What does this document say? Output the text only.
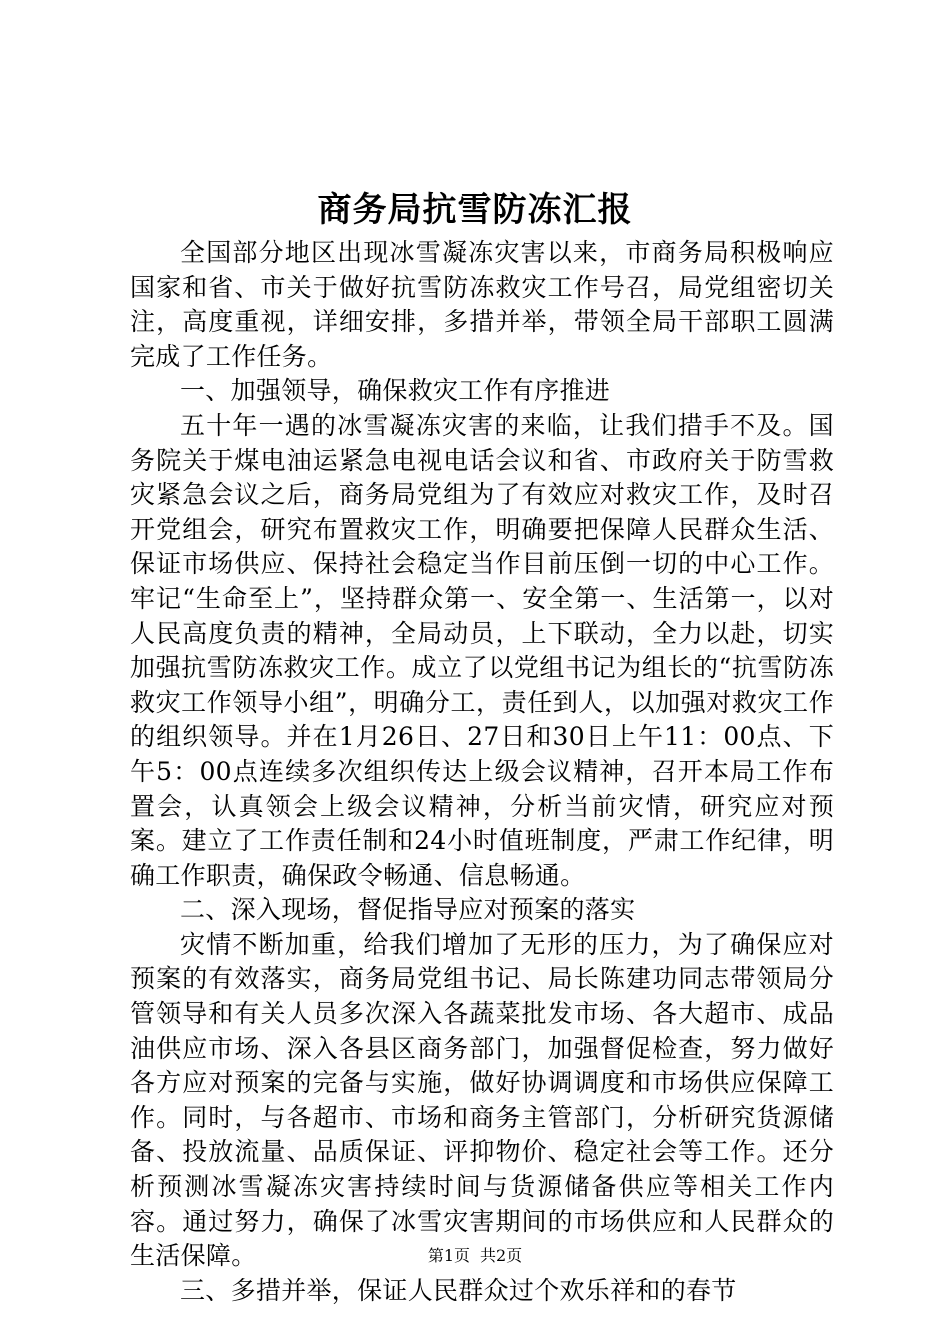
商务局抗雪防冻汇报

全国部分地区出现冰雪凝冻灾害以来，市商务局积极响应国家和省、市关于做好抗雪防冻救灾工作号召，局党组密切关注，高度重视，详细安排，多措并举，带领全局干部职工圆满完成了工作任务。

一、加强领导，确保救灾工作有序推进

五十年一遇的冰雪凝冻灾害的来临，让我们措手不及。国务院关于煤电油运紧急电视电话会议和省、市政府关于防雪救灾紧急会议之后，商务局党组为了有效应对救灾工作，及时召开党组会，研究布置救灾工作，明确要把保障人民群众生活、保证市场供应、保持社会稳定当作目前压倒一切的中心工作。牢记“生命至上”，坚持群众第一、安全第一、生活第一，以对人民高度负责的精神，全局动员，上下联动，全力以赴，切实加强抗雪防冻救灾工作。成立了以党组书记为组长的“抗雪防冻救灾工作领导小组”，明确分工，责任到人，以加强对救灾工作的组织领导。并在1月26日、27日和30日上午11：00点、下午5：00点连续多次组织传达上级会议精神，召开本局工作布置会，认真领会上级会议精神，分析当前灾情，研究应对预案。建立了工作责任制和24小时值班制度，严肃工作纪律，明确工作职责，确保政令畅通、信息畅通。

二、深入现场，督促指导应对预案的落实

灾情不断加重，给我们增加了无形的压力，为了确保应对预案的有效落实，商务局党组书记、局长陈建功同志带领局分管领导和有关人员多次深入各蔬菜批发市场、各大超市、成品油供应市场、深入各县区商务部门，加强督促检查，努力做好各方应对预案的完备与实施，做好协调调度和市场供应保障工作。同时，与各超市、市场和商务主管部门，分析研究货源储备、投放流量、品质保证、评抑物价、稳定社会等工作。还分析预测冰雪凝冻灾害持续时间与货源储备供应等相关工作内容。通过努力，确保了冰雪灾害期间的市场供应和人民群众的生活保障。

三、多措并举，保证人民群众过个欢乐祥和的春节

第1页 共2页
